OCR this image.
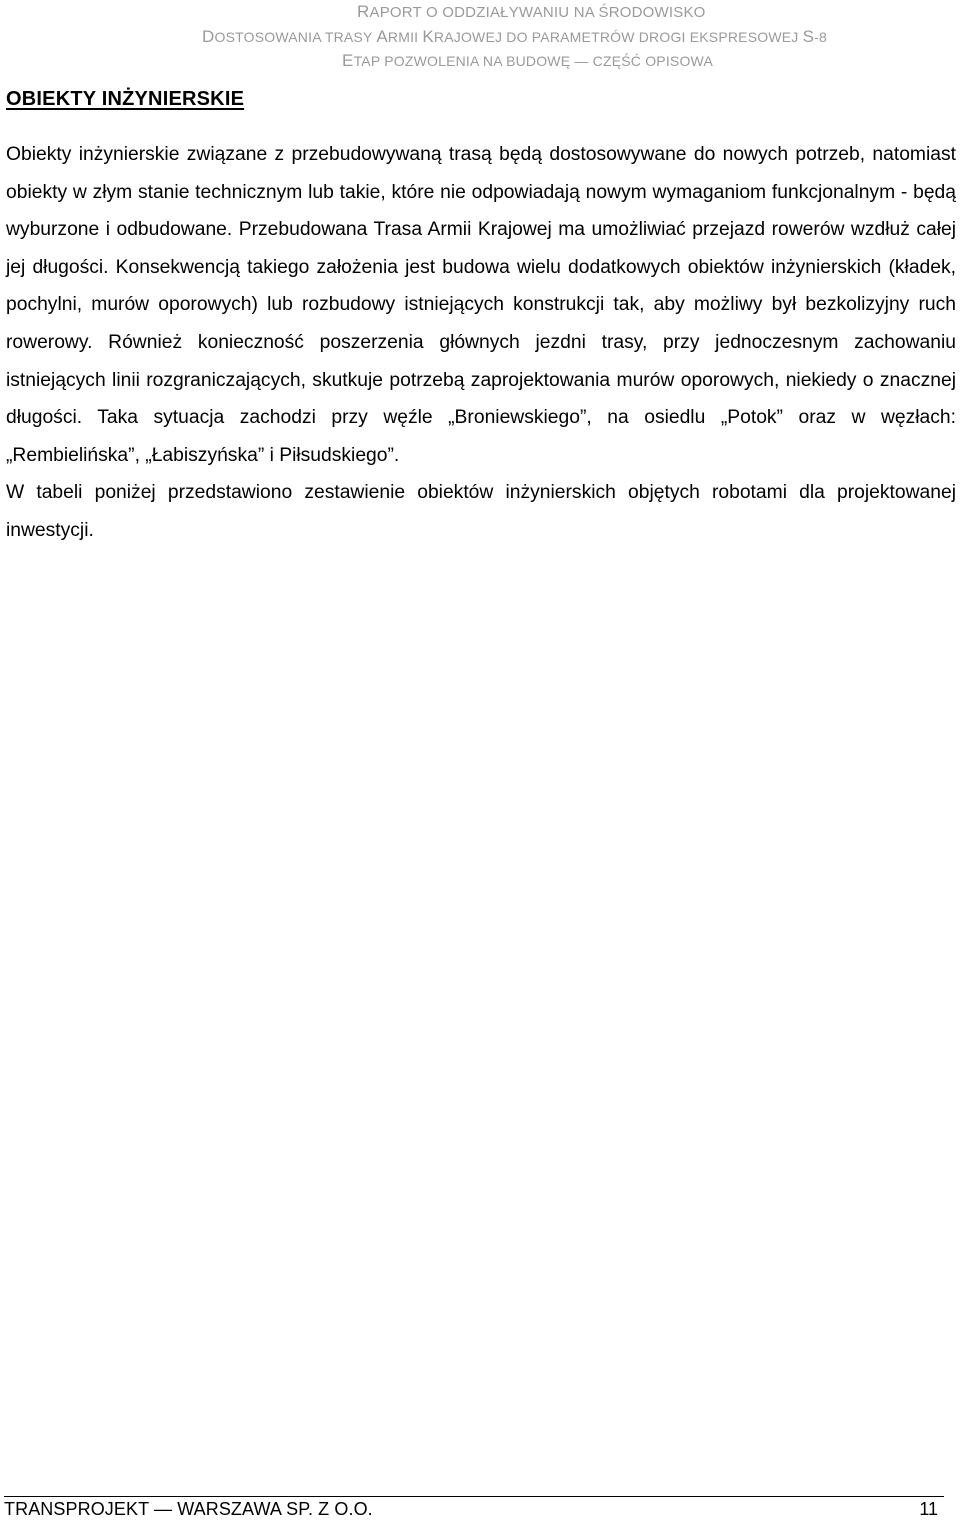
RAPORT O ODDZIAŁYWANIU NA ŚRODOWISKO
DOSTOSOWANIA TRASY ARMII KRAJOWEJ DO PARAMETRÓW DROGI EKSPRESOWEJ S-8
ETAP POZWOLENIA NA BUDOWĘ — CZĘŚĆ OPISOWA
OBIEKTY INŻYNIERSKIE

Obiekty inżynierskie związane z przebudowywaną trasą będą dostosowywane do nowych potrzeb, natomiast obiekty w złym stanie technicznym lub takie, które nie odpowiadają nowym wymaganiom funkcjonalnym - będą wyburzone i odbudowane. Przebudowana Trasa Armii Krajowej ma umożliwiać przejazd rowerów wzdłuż całej jej długości. Konsekwencją takiego założenia jest budowa wielu dodatkowych obiektów inżynierskich (kładek, pochylni, murów oporowych) lub rozbudowy istniejących konstrukcji tak, aby możliwy był bezkolizyjny ruch rowerowy. Również konieczność poszerzenia głównych jezdni trasy, przy jednoczesnym zachowaniu istniejących linii rozgraniczających, skutkuje potrzebą zaprojektowania murów oporowych, niekiedy o znacznej długości. Taka sytuacja zachodzi przy węźle „Broniewskiego”, na osiedlu „Potok” oraz w węzłach: „Rembielińska”, „Łabiszyńska” i Piłsudskiego”.

W tabeli poniżej przedstawiono zestawienie obiektów inżynierskich objętych robotami dla projektowanej inwestycji.

TRANSPROJEKT — WARSZAWA SP. Z O.O.	11
